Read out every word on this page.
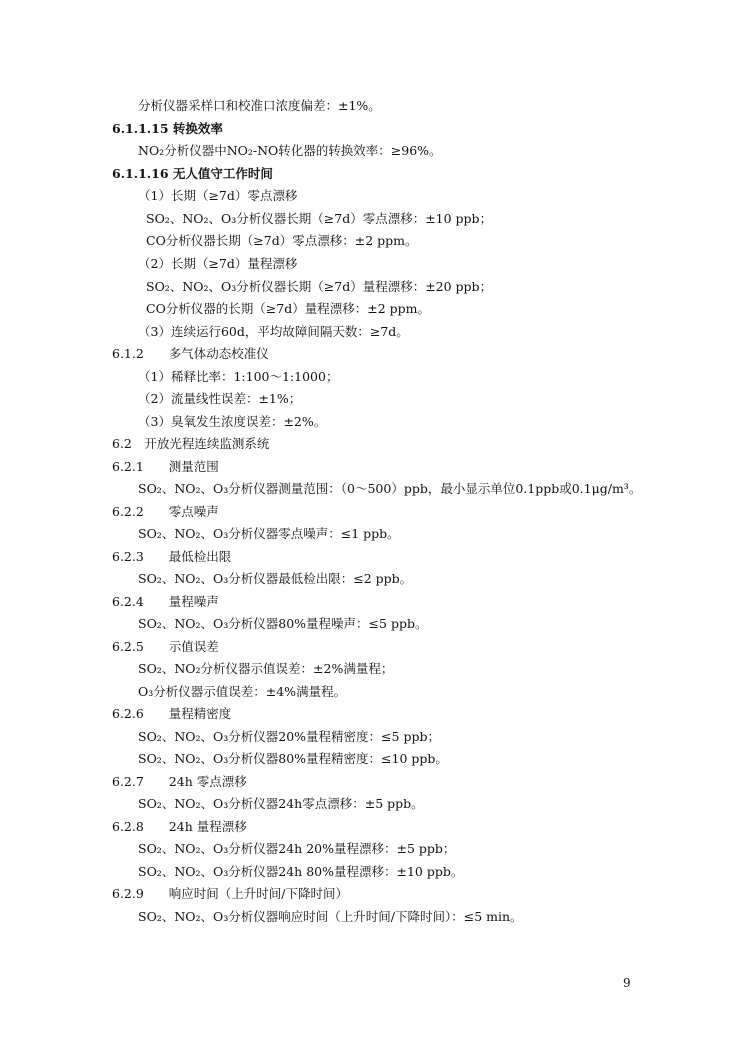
分析仪器采样口和校准口浓度偏差：±1%。
6.1.1.15 转换效率
NO₂分析仪器中NO₂-NO转化器的转换效率：≥96%。
6.1.1.16 无人值守工作时间
（1）长期（≥7d）零点漂移
SO₂、NO₂、O₃分析仪器长期（≥7d）零点漂移：±10 ppb；
CO分析仪器长期（≥7d）零点漂移：±2 ppm。
（2）长期（≥7d）量程漂移
SO₂、NO₂、O₃分析仪器长期（≥7d）量程漂移：±20 ppb；
CO分析仪器的长期（≥7d）量程漂移：±2 ppm。
（3）连续运行60d，平均故障间隔天数：≥7d。
6.1.2　　多气体动态校准仪
（1）稀释比率：1:100～1:1000；
（2）流量线性误差：±1%；
（3）臭氧发生浓度误差：±2%。
6.2　开放光程连续监测系统
6.2.1　　测量范围
SO₂、NO₂、O₃分析仪器测量范围：（0～500）ppb，最小显示单位0.1ppb或0.1μg/m³。
6.2.2　　零点噪声
SO₂、NO₂、O₃分析仪器零点噪声：≤1 ppb。
6.2.3　　最低检出限
SO₂、NO₂、O₃分析仪器最低检出限：≤2 ppb。
6.2.4　　量程噪声
SO₂、NO₂、O₃分析仪器80%量程噪声：≤5 ppb。
6.2.5　　示值误差
SO₂、NO₂分析仪器示值误差：±2%满量程；
O₃分析仪器示值误差：±4%满量程。
6.2.6　　量程精密度
SO₂、NO₂、O₃分析仪器20%量程精密度：≤5 ppb；
SO₂、NO₂、O₃分析仪器80%量程精密度：≤10 ppb。
6.2.7　　24h 零点漂移
SO₂、NO₂、O₃分析仪器24h零点漂移：±5 ppb。
6.2.8　　24h 量程漂移
SO₂、NO₂、O₃分析仪器24h 20%量程漂移：±5 ppb；
SO₂、NO₂、O₃分析仪器24h 80%量程漂移：±10 ppb。
6.2.9　　响应时间（上升时间/下降时间）
SO₂、NO₂、O₃分析仪器响应时间（上升时间/下降时间）：≤5 min。
9
